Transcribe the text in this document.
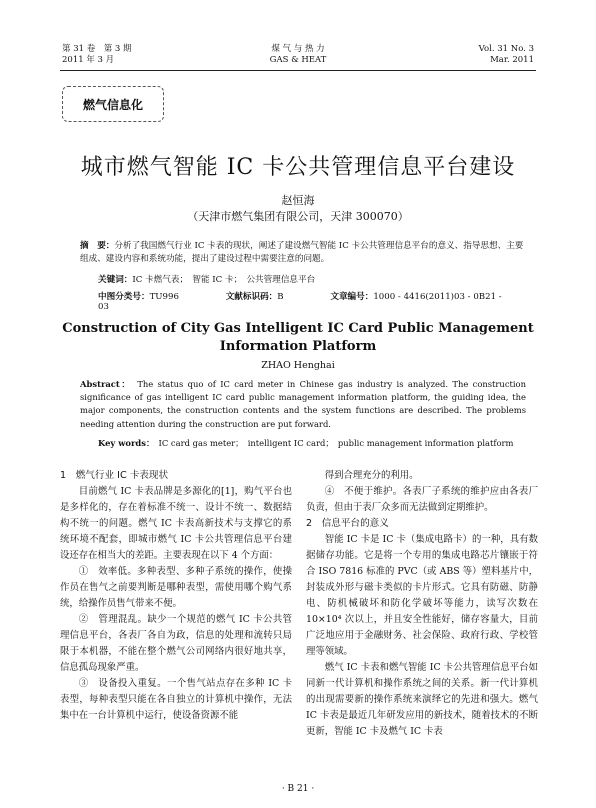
第 31 卷　第 3 期
2011 年 3 月
煤 气 与 热 力
GAS & HEAT
Vol. 31 No. 3
Mar. 2011
燃气信息化
城市燃气智能 IC 卡公共管理信息平台建设
赵恒海
（天津市燃气集团有限公司，天津 300070）
摘　要：分析了我国燃气行业 IC 卡表的现状，阐述了建设燃气智能 IC 卡公共管理信息平台的意义、指导思想、主要组成、建设内容和系统功能，提出了建设过程中需要注意的问题。
关键词：IC 卡燃气表；　智能 IC 卡；　公共管理信息平台
中图分类号：TU996	文献标识码：B	文章编号：1000 - 4416(2011)03 - 0B21 - 03
Construction of City Gas Intelligent IC Card Public Management Information Platform
ZHAO Henghai
Abstract：　 The status quo of IC card meter in Chinese gas industry is analyzed. The construction significance of gas intelligent IC card public management information platform, the guiding idea, the major components, the construction contents and the system functions are described. The problems needing attention during the construction are put forward.
Key words：　 IC card gas meter；　intelligent IC card；　public management information platform
1　燃气行业 IC 卡表现状

目前燃气 IC 卡表品牌是多源化的[1]，购气平台也是多样化的，存在着标准不统一、设计不统一、数据结构不统一的问题。燃气 IC 卡表高新技术与支撑它的系统环境不配套，即城市燃气 IC 卡公共管理信息平台建设还存在相当大的差距。主要表现在以下 4 个方面：

①　效率低。多种表型、多种子系统的操作，使操作员在售气之前要判断是哪种表型，需使用哪个购气系统，给操作员售气带来不便。

②　管理混乱。缺少一个规范的燃气 IC 卡公共管理信息平台，各表厂各自为政，信息的处理和流转只局限于本机器，不能在整个燃气公司网络内很好地共享，信息孤岛现象严重。

③　设备投入重复。一个售气站点存在多种 IC 卡表型，每种表型只能在各自独立的计算机中操作，无法集中在一台计算机中运行，使设备资源不能

得到合理充分的利用。

④　不便于维护。各表厂子系统的维护应由各表厂负责，但由于表厂众多而无法做到定期维护。

2　信息平台的意义

智能 IC 卡是 IC 卡（集成电路卡）的一种，具有数据储存功能。它是将一个专用的集成电路芯片镶嵌于符合 ISO 7816 标准的 PVC（或 ABS 等）塑料基片中，封装成外形与磁卡类似的卡片形式。它具有防磁、防静电、防机械破坏和防化学破坏等能力，读写次数在 10×10⁴ 次以上，并且安全性能好，储存容量大，目前广泛地应用于金融财务、社会保险、政府行政、学校管理等领域。

燃气 IC 卡表和燃气智能 IC 卡公共管理信息平台如同新一代计算机和操作系统之间的关系。新一代计算机的出现需要新的操作系统来演绎它的先进和强大。燃气 IC 卡表是最近几年研发应用的新技术，随着技术的不断更新，智能 IC 卡及燃气 IC 卡表

· B 21 ·
